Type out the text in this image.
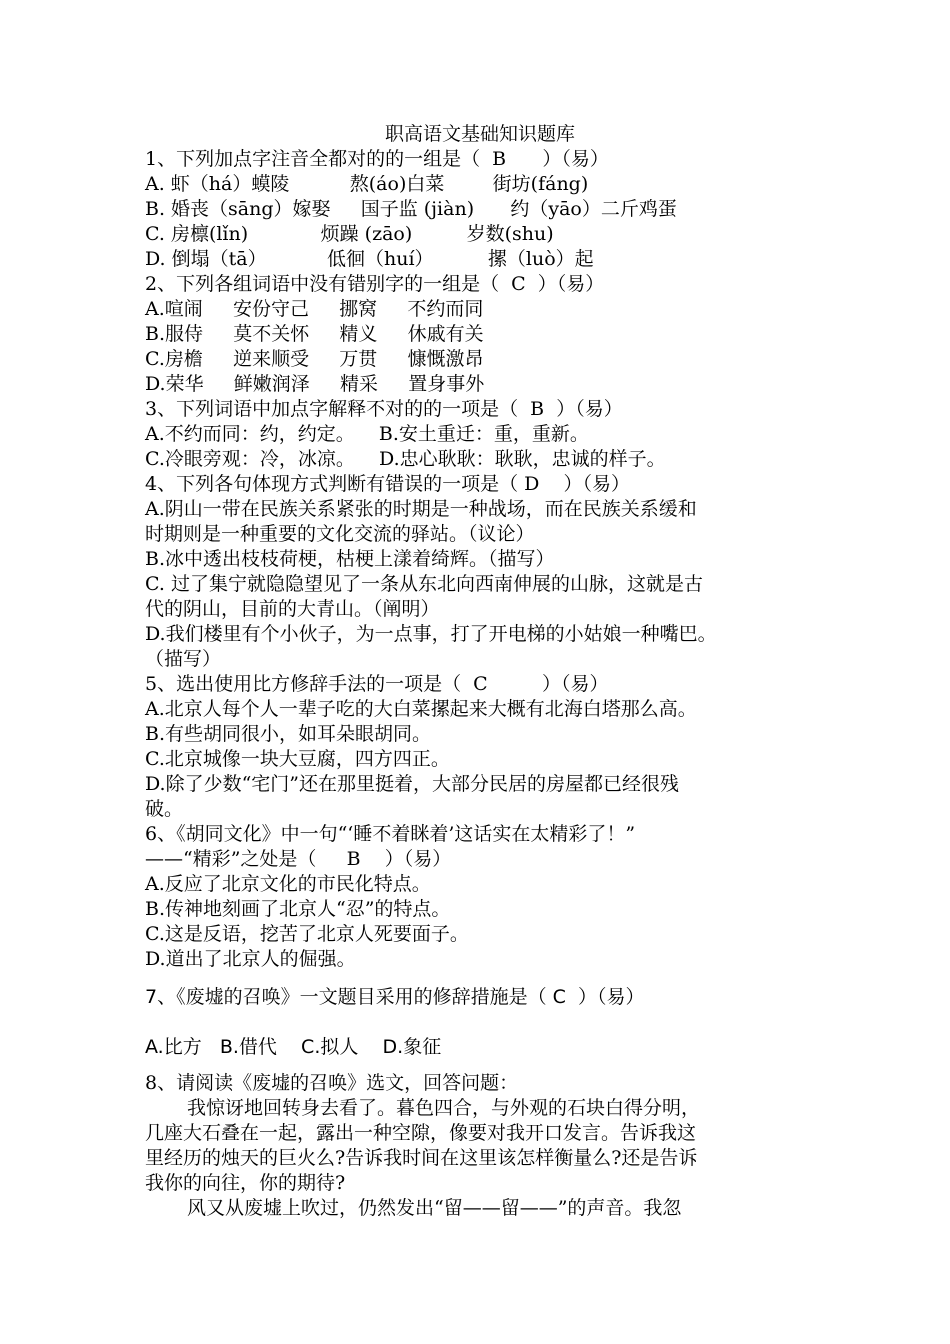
职高语文基础知识题库
1、下列加点字注音全都对的的一组是（  B      ）（易）
A. 虾（há）蟆陵          熬(áo)白菜        街坊(fáng)
B. 婚丧（sāng）嫁娶     国子监 (jiàn)      约（yāo）二斤鸡蛋
C. 房檩(lǐn)            烦躁 (zāo)         岁数(shu)
D. 倒塌（tā）          低徊（huí）         摞（luò）起
2、下列各组词语中没有错别字的一组是（  C  ）（易）
A.喧闹     安份守己     挪窝     不约而同
B.服侍     莫不关怀     精义     休戚有关
C.房檐     逆来顺受     万贯     慷慨激昂
D.荣华     鲜嫩润泽     精采     置身事外
3、下列词语中加点字解释不对的的一项是（  B  ）（易）
A.不约而同：约，约定。    B.安土重迁：重，重新。
C.冷眼旁观：冷，冰凉。    D.忠心耿耿：耿耿，忠诚的样子。
4、下列各句体现方式判断有错误的一项是（ D    ）（易）
A.阴山一带在民族关系紧张的时期是一种战场，而在民族关系缓和
时期则是一种重要的文化交流的驿站。（议论）
B.冰中透出枝枝荷梗，枯梗上漾着绮辉。（描写）
C. 过了集宁就隐隐望见了一条从东北向西南伸展的山脉，这就是古
代的阴山，目前的大青山。（阐明）
D.我们楼里有个小伙子，为一点事，打了开电梯的小姑娘一种嘴巴。
（描写）
5、选出使用比方修辞手法的一项是（  C         ）（易）
A.北京人每个人一辈子吃的大白菜摞起来大概有北海白塔那么高。
B.有些胡同很小，如耳朵眼胡同。
C.北京城像一块大豆腐，四方四正。
D.除了少数“宅门”还在那里挺着，大部分民居的房屋都已经很残
破。
6、《胡同文化》中一句“‘睡不着眯着’这话实在太精彩了！”
——“精彩”之处是（     B    ）（易）
A.反应了北京文化的市民化特点。
B.传神地刻画了北京人“忍”的特点。
C.这是反语，挖苦了北京人死要面子。
D.道出了北京人的倔强。
7、《废墟的召唤》一文题目采用的修辞措施是（ C  ）（易）
A.比方   B.借代    C.拟人    D.象征
8、请阅读《废墟的召唤》选文，回答问题：
我惊讶地回转身去看了。暮色四合，与外观的石块白得分明，
几座大石叠在一起，露出一种空隙，像要对我开口发言。告诉我这
里经历的烛天的巨火么?告诉我时间在这里该怎样衡量么?还是告诉
我你的向往，你的期待?
风又从废墟上吹过，仍然发出“留——留——”的声音。我忽
